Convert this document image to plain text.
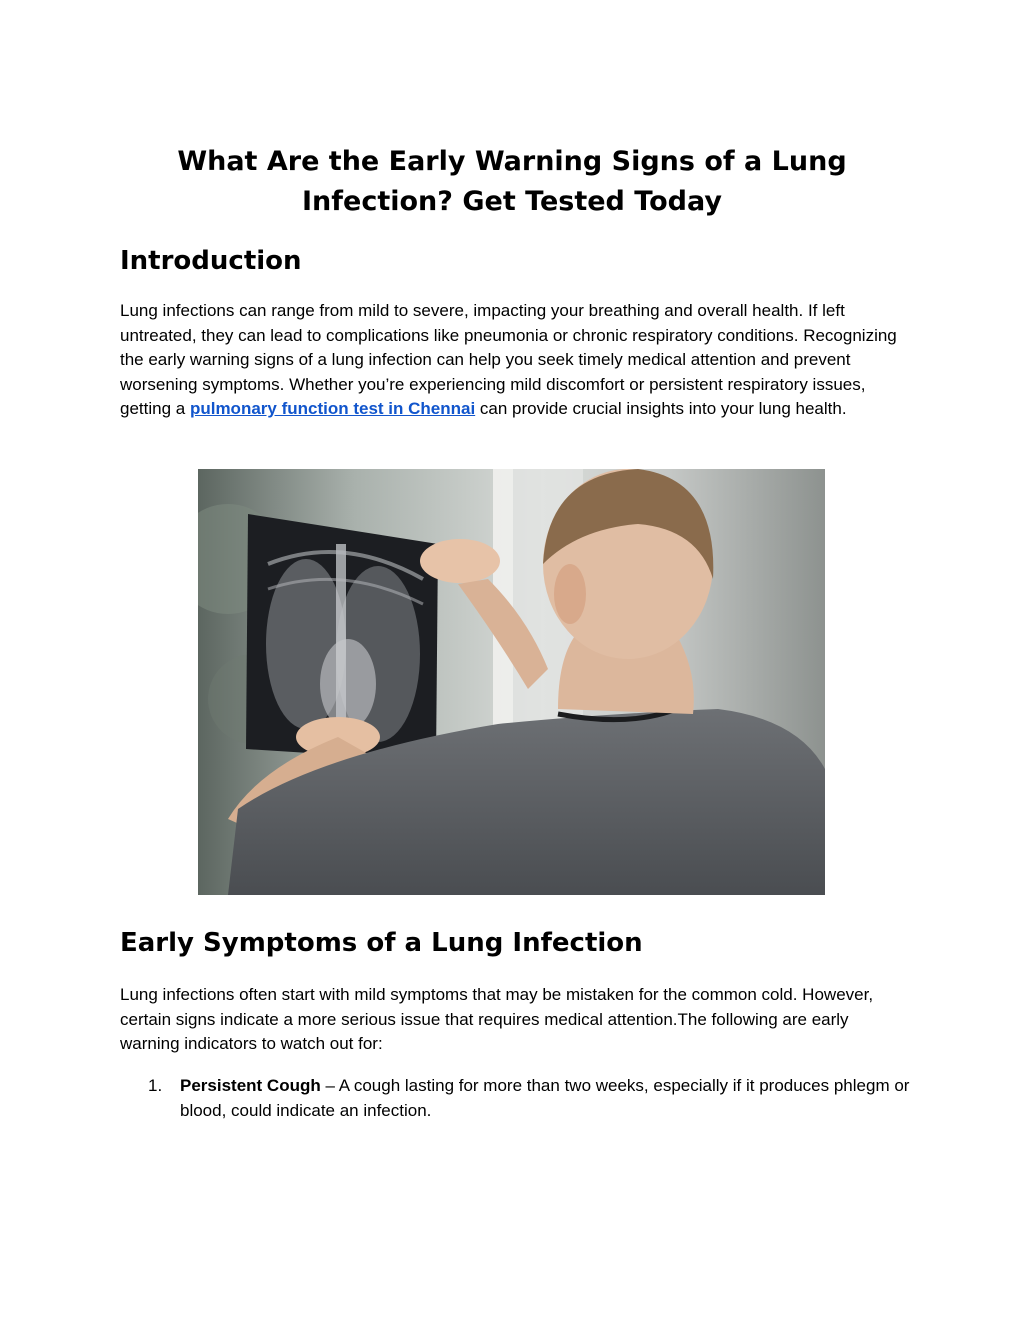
What Are the Early Warning Signs of a Lung
Infection? Get Tested Today
Introduction

Lung infections can range from mild to severe, impacting your breathing and overall health. If left untreated, they can lead to complications like pneumonia or chronic respiratory conditions. Recognizing the early warning signs of a lung infection can help you seek timely medical attention and prevent worsening symptoms. Whether you’re experiencing mild discomfort or persistent respiratory issues, getting a pulmonary function test in Chennai can provide crucial insights into your lung health.

Early Symptoms of a Lung Infection

Lung infections often start with mild symptoms that may be mistaken for the common cold. However, certain signs indicate a more serious issue that requires medical attention.The following are early warning indicators to watch out for:

1. Persistent Cough – A cough lasting for more than two weeks, especially if it produces phlegm or blood, could indicate an infection.
